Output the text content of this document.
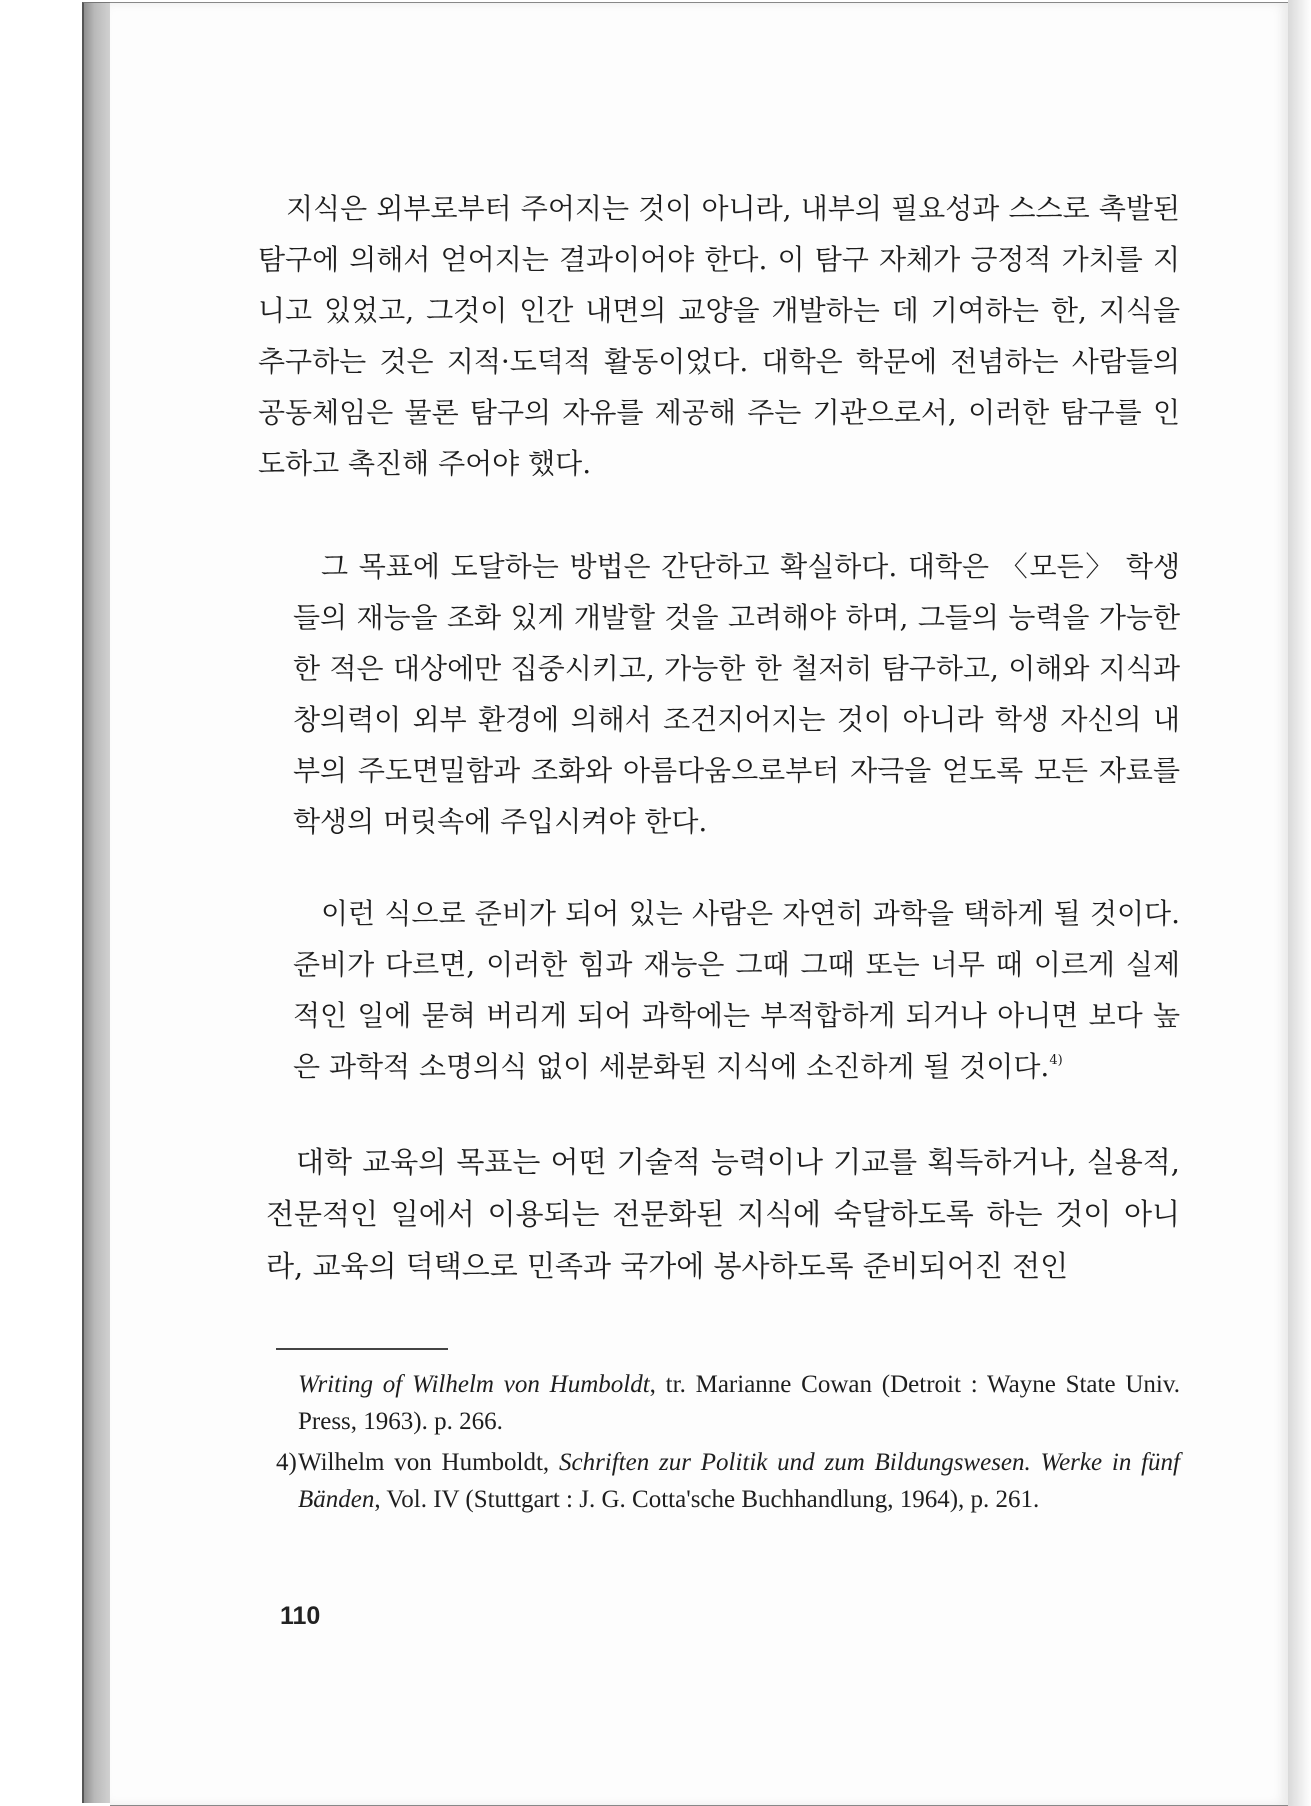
지식은 외부로부터 주어지는 것이 아니라, 내부의 필요성과 스스로 촉발된 탐구에 의해서 얻어지는 결과이어야 한다. 이 탐구 자체가 긍정적 가치를 지니고 있었고, 그것이 인간 내면의 교양을 개발하는 데 기여하는 한, 지식을 추구하는 것은 지적·도덕적 활동이었다. 대학은 학문에 전념하는 사람들의 공동체임은 물론 탐구의 자유를 제공해 주는 기관으로서, 이러한 탐구를 인도하고 촉진해 주어야 했다.

그 목표에 도달하는 방법은 간단하고 확실하다. 대학은 〈모든〉 학생들의 재능을 조화 있게 개발할 것을 고려해야 하며, 그들의 능력을 가능한 한 적은 대상에만 집중시키고, 가능한 한 철저히 탐구하고, 이해와 지식과 창의력이 외부 환경에 의해서 조건지어지는 것이 아니라 학생 자신의 내부의 주도면밀함과 조화와 아름다움으로부터 자극을 얻도록 모든 자료를 학생의 머릿속에 주입시켜야 한다.

이런 식으로 준비가 되어 있는 사람은 자연히 과학을 택하게 될 것이다. 준비가 다르면, 이러한 힘과 재능은 그때 그때 또는 너무 때 이르게 실제적인 일에 묻혀 버리게 되어 과학에는 부적합하게 되거나 아니면 보다 높은 과학적 소명의식 없이 세분화된 지식에 소진하게 될 것이다.$^{4)}$

대학 교육의 목표는 어떤 기술적 능력이나 기교를 획득하거나, 실용적, 전문적인 일에서 이용되는 전문화된 지식에 숙달하도록 하는 것이 아니라, 교육의 덕택으로 민족과 국가에 봉사하도록 준비되어진 전인

Writing of Wilhelm von Humboldt, tr. Marianne Cowan (Detroit : Wayne State Univ. Press, 1963). p. 266.
4) Wilhelm von Humboldt, Schriften zur Politik und zum Bildungswesen. Werke in fünf Bänden, Vol. IV (Stuttgart : J. G. Cotta'sche Buchhandlung, 1964), p. 261.
110
